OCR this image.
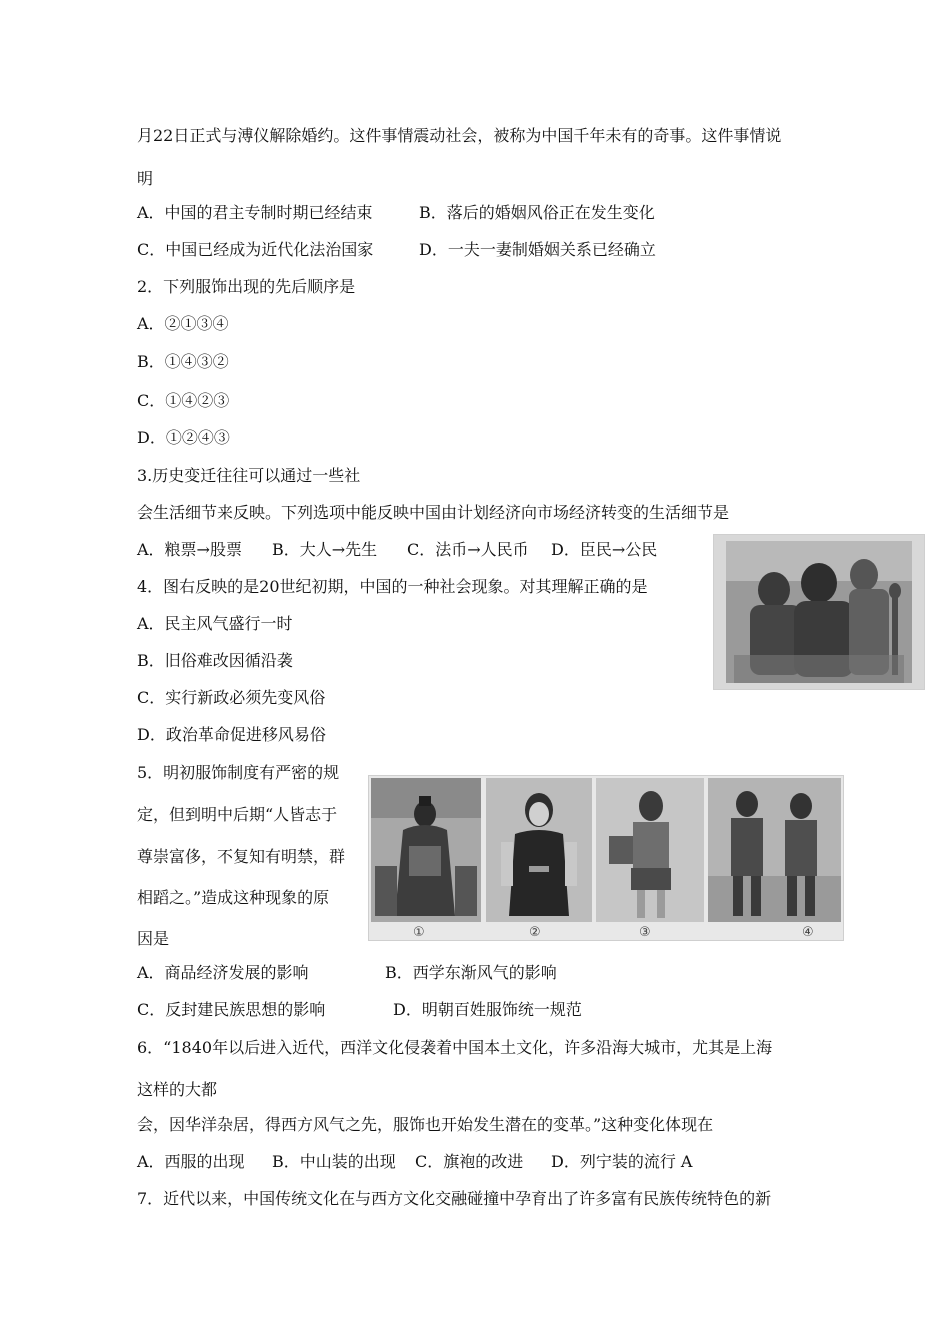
月22日正式与溥仪解除婚约。这件事情震动社会，被称为中国千年未有的奇事。这件事情说
明
A．中国的君主专制时期已经结束	B．落后的婚姻风俗正在发生变化
C．中国已经成为近代化法治国家	D．一夫一妻制婚姻关系已经确立
2．下列服饰出现的先后顺序是
A．②①③④
B．①④③②
C．①④②③
D．①②④③
3.历史变迁往往可以通过一些社
会生活细节来反映。下列选项中能反映中国由计划经济向市场经济转变的生活细节是
A．粮票→股票 B．大人→先生 C．法币→人民币 D．臣民→公民
4．图右反映的是20世纪初期，中国的一种社会现象。对其理解正确的是
A．民主风气盛行一时
B．旧俗难改因循沿袭
C．实行新政必须先变风俗
D．政治革命促进移风易俗
5．明初服饰制度有严密的规
定，但到明中后期“人皆志于
尊崇富侈，不复知有明禁，群
相蹈之。”造成这种现象的原
因是
A．商品经济发展的影响	B．西学东渐风气的影响
C．反封建民族思想的影响	D．明朝百姓服饰统一规范
①	②	③	④
6．“1840年以后进入近代，西洋文化侵袭着中国本土文化，许多沿海大城市，尤其是上海
这样的大都
会，因华洋杂居，得西方风气之先，服饰也开始发生潜在的变革。”这种变化体现在
A．西服的出现 B．中山装的出现 C．旗袍的改进 D．列宁装的流行 A
7．近代以来，中国传统文化在与西方文化交融碰撞中孕育出了许多富有民族传统特色的新
